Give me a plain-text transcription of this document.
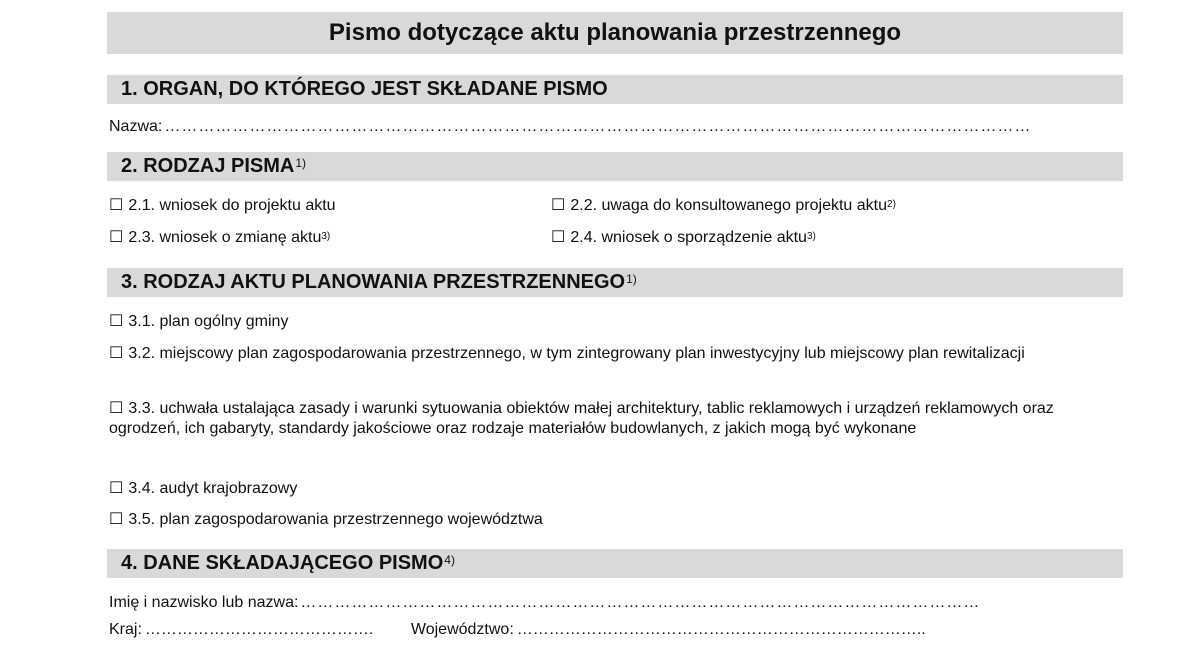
Pismo dotyczące aktu planowania przestrzennego
1. ORGAN, DO KTÓREGO JEST SKŁADANE PISMO
Nazwa: ………………………………………………………………………………………………………………………………………
2. RODZAJ PISMA$^{1)}$
☐ 2.1. wniosek do projektu aktu	☐ 2.2. uwaga do konsultowanego projektu aktu$^{2)}$
☐ 2.3. wniosek o zmianę aktu$^{3)}$	☐ 2.4. wniosek o sporządzenie aktu$^{3)}$
3. RODZAJ AKTU PLANOWANIA PRZESTRZENNEGO$^{1)}$
☐ 3.1. plan ogólny gminy
☐ 3.2. miejscowy plan zagospodarowania przestrzennego, w tym zintegrowany plan inwestycyjny lub miejscowy plan rewitalizacji
☐ 3.3. uchwała ustalająca zasady i warunki sytuowania obiektów małej architektury, tablic reklamowych i urządzeń reklamowych oraz ogrodzeń, ich gabaryty, standardy jakościowe oraz rodzaje materiałów budowlanych, z jakich mogą być wykonane
☐ 3.4. audyt krajobrazowy
☐ 3.5. plan zagospodarowania przestrzennego województwa
4. DANE SKŁADAJĄCEGO PISMO$^{4)}$
Imię i nazwisko lub nazwa: …………………………………………………………………………………………………………
Kraj: …………………………………….	Województwo: …………………………………………………………………..
